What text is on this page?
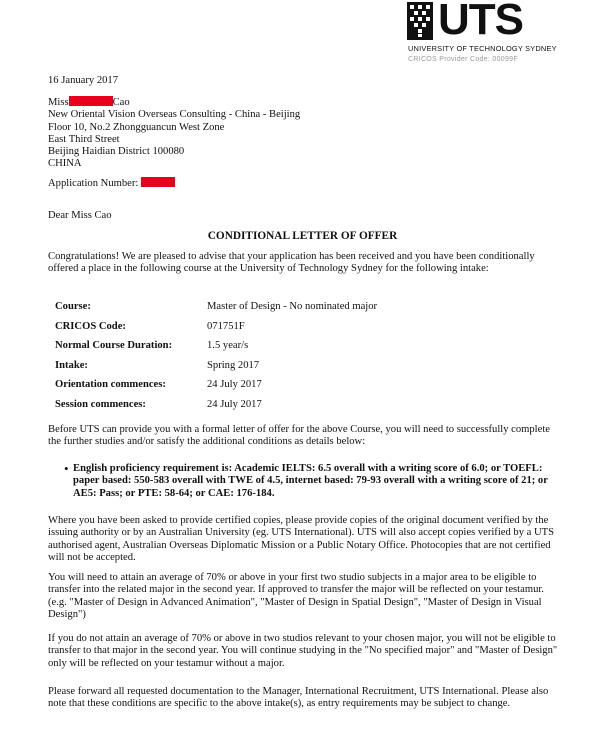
UTS
UNIVERSITY OF TECHNOLOGY SYDNEY
CRICOS Provider Code: 00099F
16 January 2017
Miss	Cao
New Oriental Vision Overseas Consulting - China - Beijing
Floor 10, No.2 Zhongguancun West Zone
East Third Street
Beijing Haidian District 100080
CHINA
Application Number:
Dear Miss Cao
CONDITIONAL LETTER OF OFFER

Congratulations! We are pleased to advise that your application has been received and you have been conditionally offered a place in the following course at the University of Technology Sydney for the following intake:

Course:	Master of Design - No nominated major
CRICOS Code:	071751F
Normal Course Duration:	1.5 year/s
Intake:	Spring 2017
Orientation commences:	24 July 2017
Session commences:	24 July 2017

Before UTS can provide you with a formal letter of offer for the above Course, you will need to successfully complete the further studies and/or satisfy the additional conditions as details below:

• English proficiency requirement is: Academic IELTS: 6.5 overall with a writing score of 6.0; or TOEFL: paper based: 550-583 overall with TWE of 4.5, internet based: 79-93 overall with a writing score of 21; or AE5: Pass; or PTE: 58-64; or CAE: 176-184.

Where you have been asked to provide certified copies, please provide copies of the original document verified by the issuing authority or by an Australian University (eg. UTS International). UTS will also accept copies verified by a UTS authorised agent, Australian Overseas Diplomatic Mission or a Public Notary Office. Photocopies that are not certified will not be accepted.

You will need to attain an average of 70% or above in your first two studio subjects in a major area to be eligible to transfer into the related major in the second year. If approved to transfer the major will be reflected on your testamur. (e.g. "Master of Design in Advanced Animation", "Master of Design in Spatial Design", "Master of Design in Visual Design")

If you do not attain an average of 70% or above in two studios relevant to your chosen major, you will not be eligible to transfer to that major in the second year. You will continue studying in the "No specified major" and "Master of Design" only will be reflected on your testamur without a major.

Please forward all requested documentation to the Manager, International Recruitment, UTS International. Please also note that these conditions are specific to the above intake(s), as entry requirements may be subject to change.
